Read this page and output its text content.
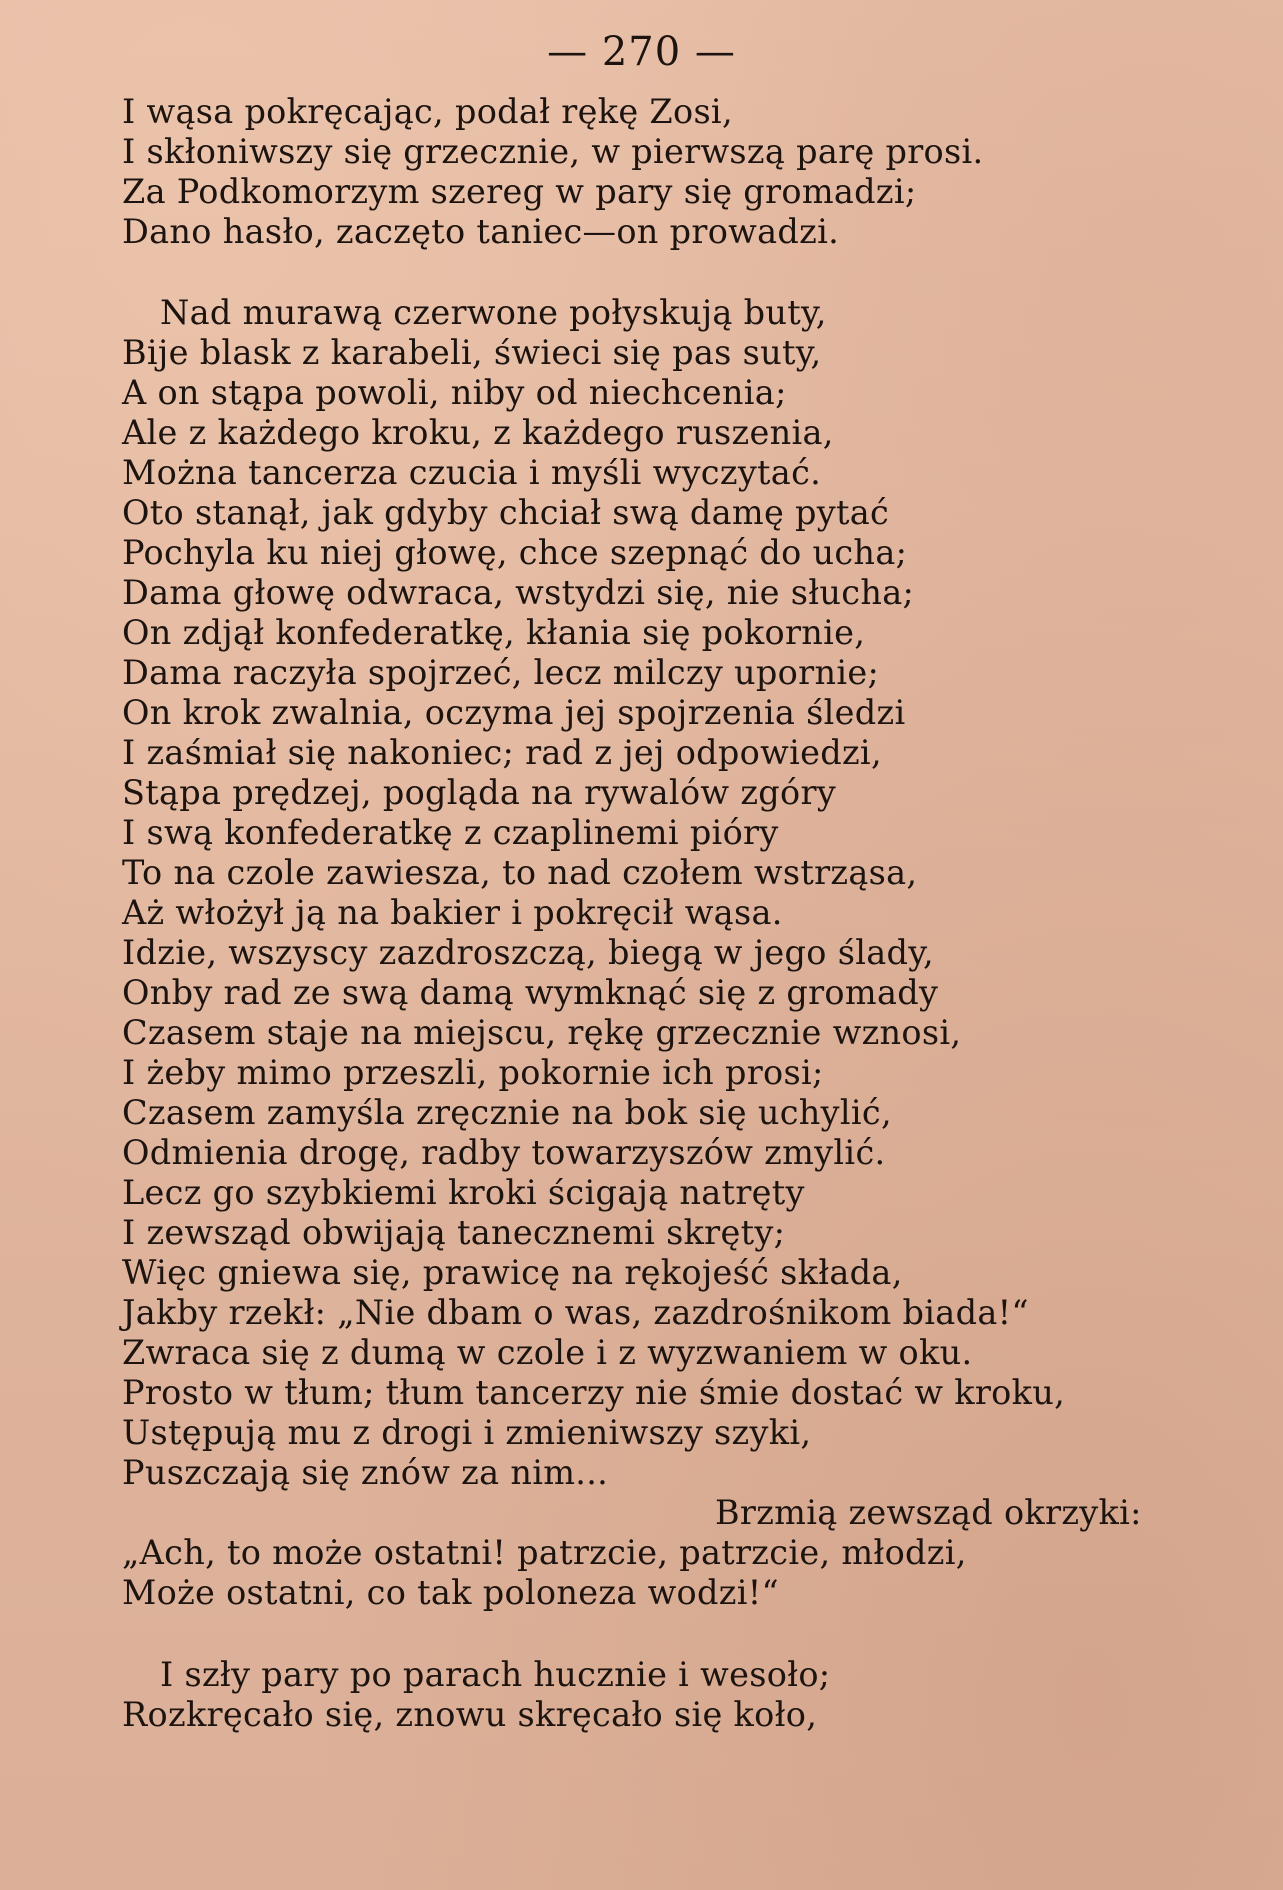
— 270 —

I wąsa pokręcając, podał rękę Zosi,

I skłoniwszy się grzecznie, w pierwszą parę prosi.

Za Podkomorzym szereg w pary się gromadzi;

Dano hasło, zaczęto taniec—on prowadzi.

Nad murawą czerwone połyskują buty,

Bije blask z karabeli, świeci się pas suty,

A on stąpa powoli, niby od niechcenia;

Ale z każdego kroku, z każdego ruszenia,

Można tancerza czucia i myśli wyczytać.

Oto stanął, jak gdyby chciał swą damę pytać

Pochyla ku niej głowę, chce szepnąć do ucha;

Dama głowę odwraca, wstydzi się, nie słucha;

On zdjął konfederatkę, kłania się pokornie,

Dama raczyła spojrzeć, lecz milczy upornie;

On krok zwalnia, oczyma jej spojrzenia śledzi

I zaśmiał się nakoniec; rad z jej odpowiedzi,

Stąpa prędzej, pogląda na rywalów zgóry

I swą konfederatkę z czaplinemi pióry

To na czole zawiesza, to nad czołem wstrząsa,

Aż włożył ją na bakier i pokręcił wąsa.

Idzie, wszyscy zazdroszczą, biegą w jego ślady,

Onby rad ze swą damą wymknąć się z gromady

Czasem staje na miejscu, rękę grzecznie wznosi,

I żeby mimo przeszli, pokornie ich prosi;

Czasem zamyśla zręcznie na bok się uchylić,

Odmienia drogę, radby towarzyszów zmylić.

Lecz go szybkiemi kroki ścigają natręty

I zewsząd obwijają tanecznemi skręty;

Więc gniewa się, prawicę na rękojeść składa,

Jakby rzekł: „Nie dbam o was, zazdrośnikom biada!“

Zwraca się z dumą w czole i z wyzwaniem w oku.

Prosto w tłum; tłum tancerzy nie śmie dostać w kroku,

Ustępują mu z drogi i zmieniwszy szyki,

Puszczają się znów za nim...

Brzmią zewsząd okrzyki:

„Ach, to może ostatni! patrzcie, patrzcie, młodzi,

Może ostatni, co tak poloneza wodzi!“

I szły pary po parach hucznie i wesoło;

Rozkręcało się, znowu skręcało się koło,
